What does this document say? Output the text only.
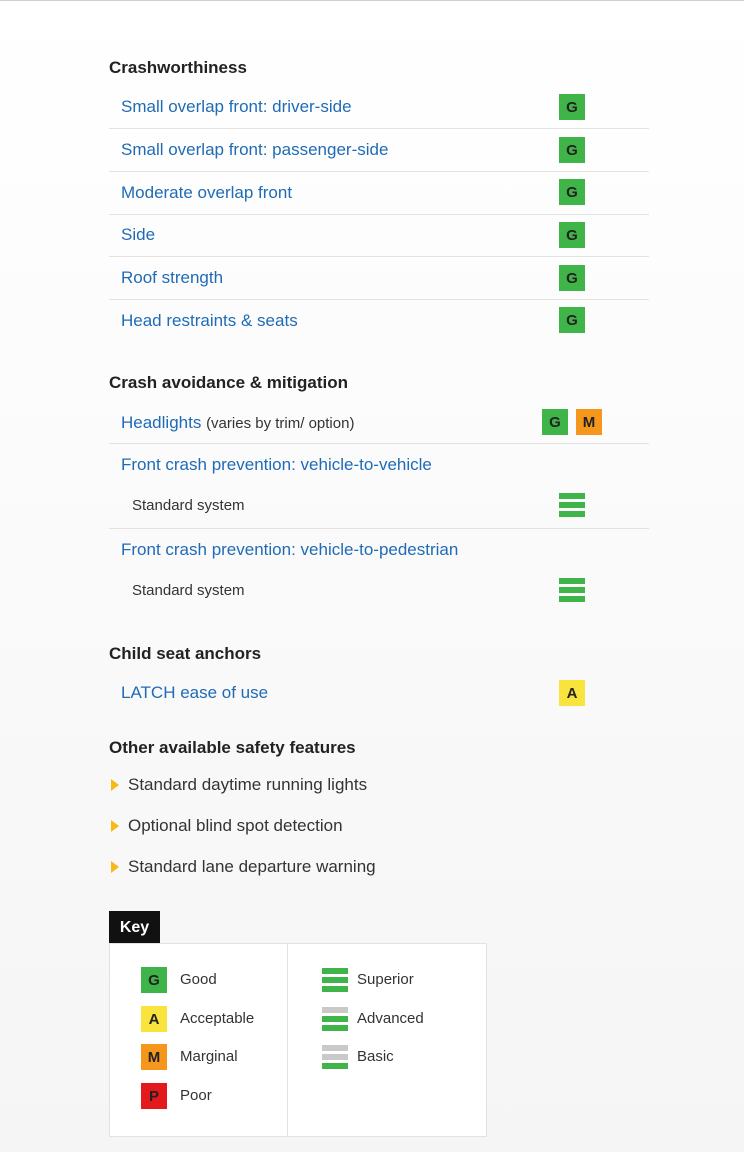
Crashworthiness
Small overlap front: driver-side	G
Small overlap front: passenger-side	G
Moderate overlap front	G
Side	G
Roof strength	G
Head restraints & seats	G
Crash avoidance & mitigation
Headlights (varies by trim/ option)	G	M
Front crash prevention: vehicle-to-vehicle
Standard system
Front crash prevention: vehicle-to-pedestrian
Standard system
Child seat anchors
LATCH ease of use	A
Other available safety features
Standard daytime running lights
Optional blind spot detection
Standard lane departure warning
Key
G	Good
A	Acceptable
M	Marginal
P	Poor
Superior
Advanced
Basic
